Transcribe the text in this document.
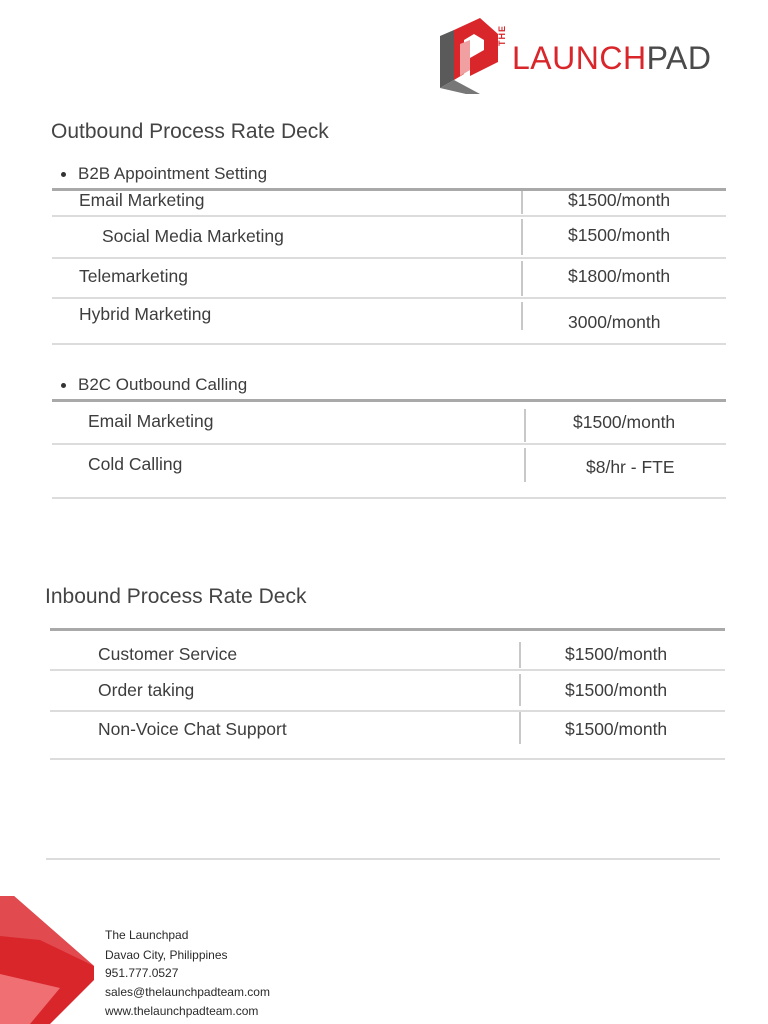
THE
LAUNCHPAD
Outbound Process Rate Deck
B2B Appointment Setting
Email Marketing	$1500/month
Social Media Marketing	$1500/month
Telemarketing	$1800/month
Hybrid Marketing	3000/month
B2C Outbound Calling
Email Marketing	$1500/month
Cold Calling	$8/hr - FTE
Inbound Process Rate Deck
Customer Service	$1500/month
Order taking	$1500/month
Non-Voice Chat Support	$1500/month
The Launchpad
Davao City, Philippines
951.777.0527
sales@thelaunchpadteam.com
www.thelaunchpadteam.com
